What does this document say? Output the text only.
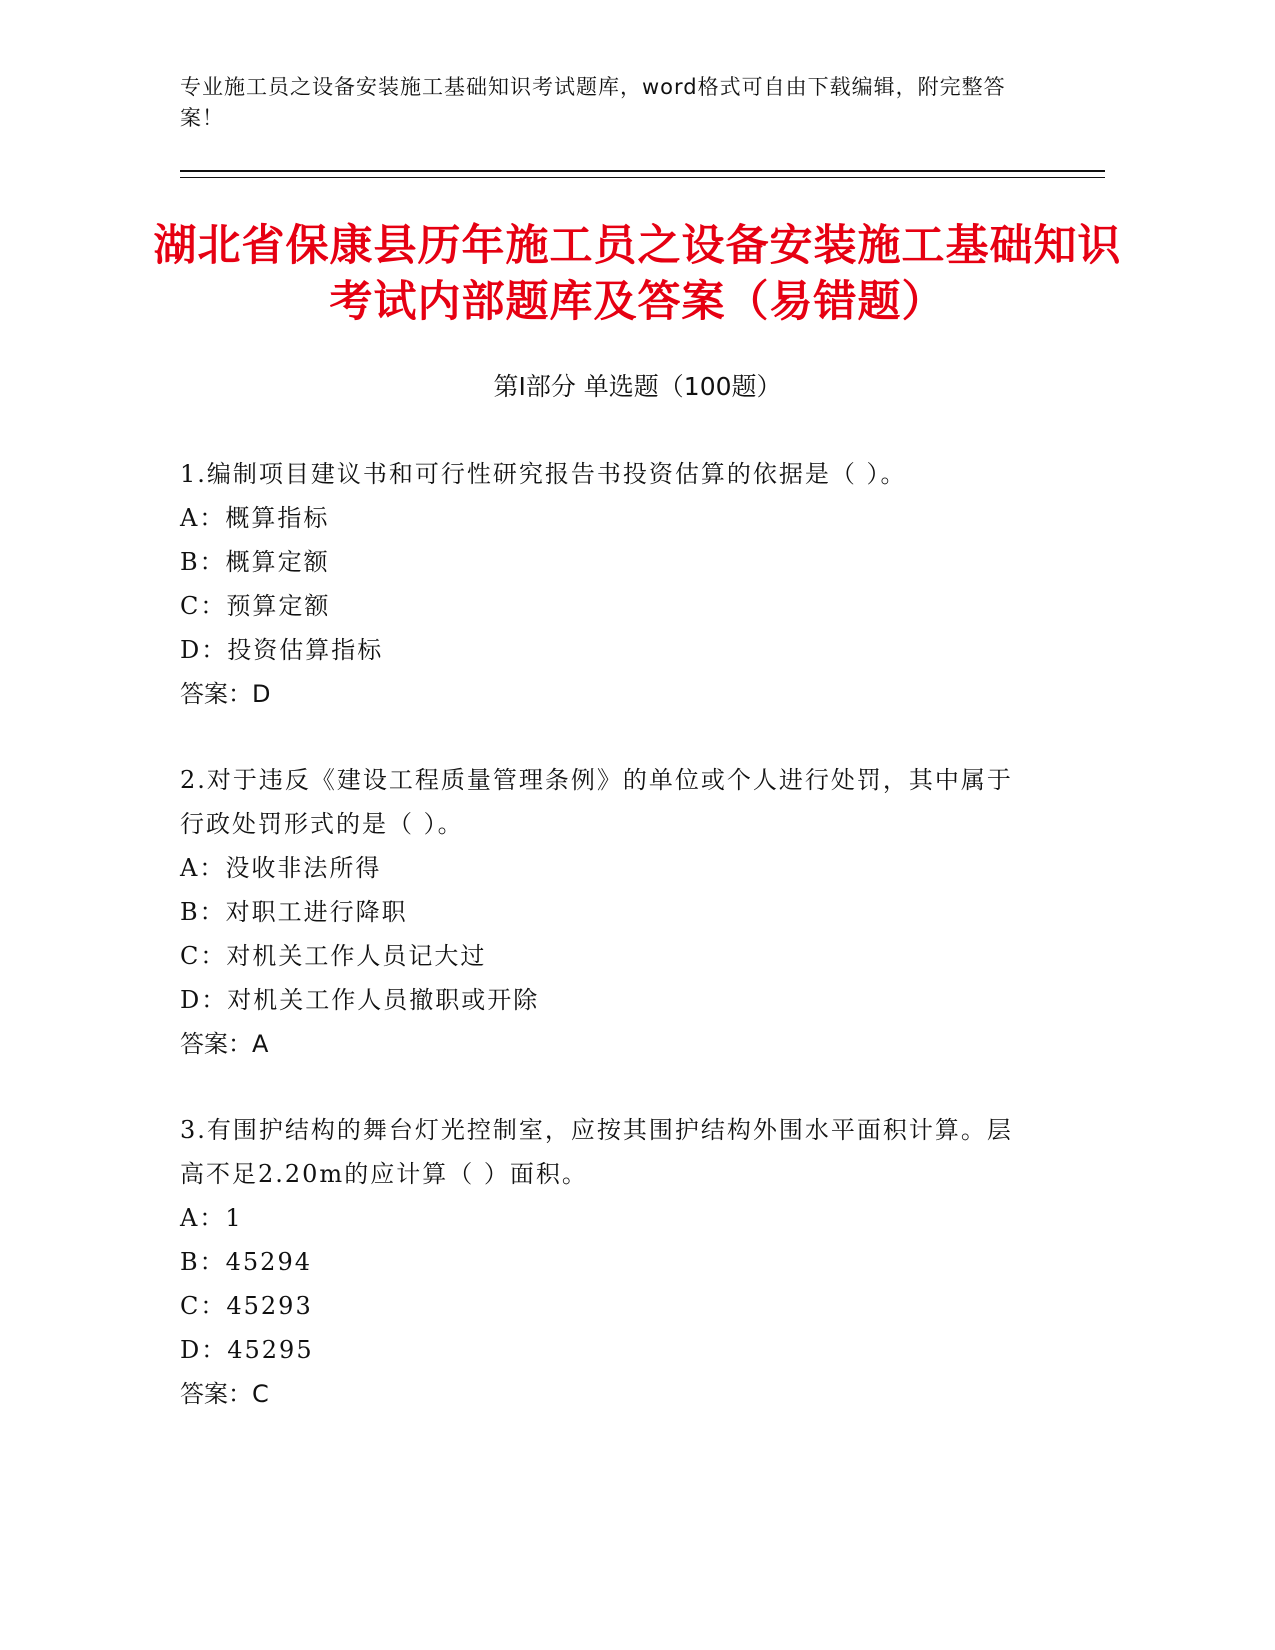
专业施工员之设备安装施工基础知识考试题库，word格式可自由下载编辑，附完整答案！
湖北省保康县历年施工员之设备安装施工基础知识考试内部题库及答案（易错题）
第Ⅰ部分 单选题（100题）
1.编制项目建议书和可行性研究报告书投资估算的依据是（ ）。
A：概算指标
B：概算定额
C：预算定额
D：投资估算指标
答案：D
2.对于违反《建设工程质量管理条例》的单位或个人进行处罚，其中属于行政处罚形式的是（ ）。
A：没收非法所得
B：对职工进行降职
C：对机关工作人员记大过
D：对机关工作人员撤职或开除
答案：A
3.有围护结构的舞台灯光控制室，应按其围护结构外围水平面积计算。层高不足2.20m的应计算（ ）面积。
A：1
B：45294
C：45293
D：45295
答案：C
